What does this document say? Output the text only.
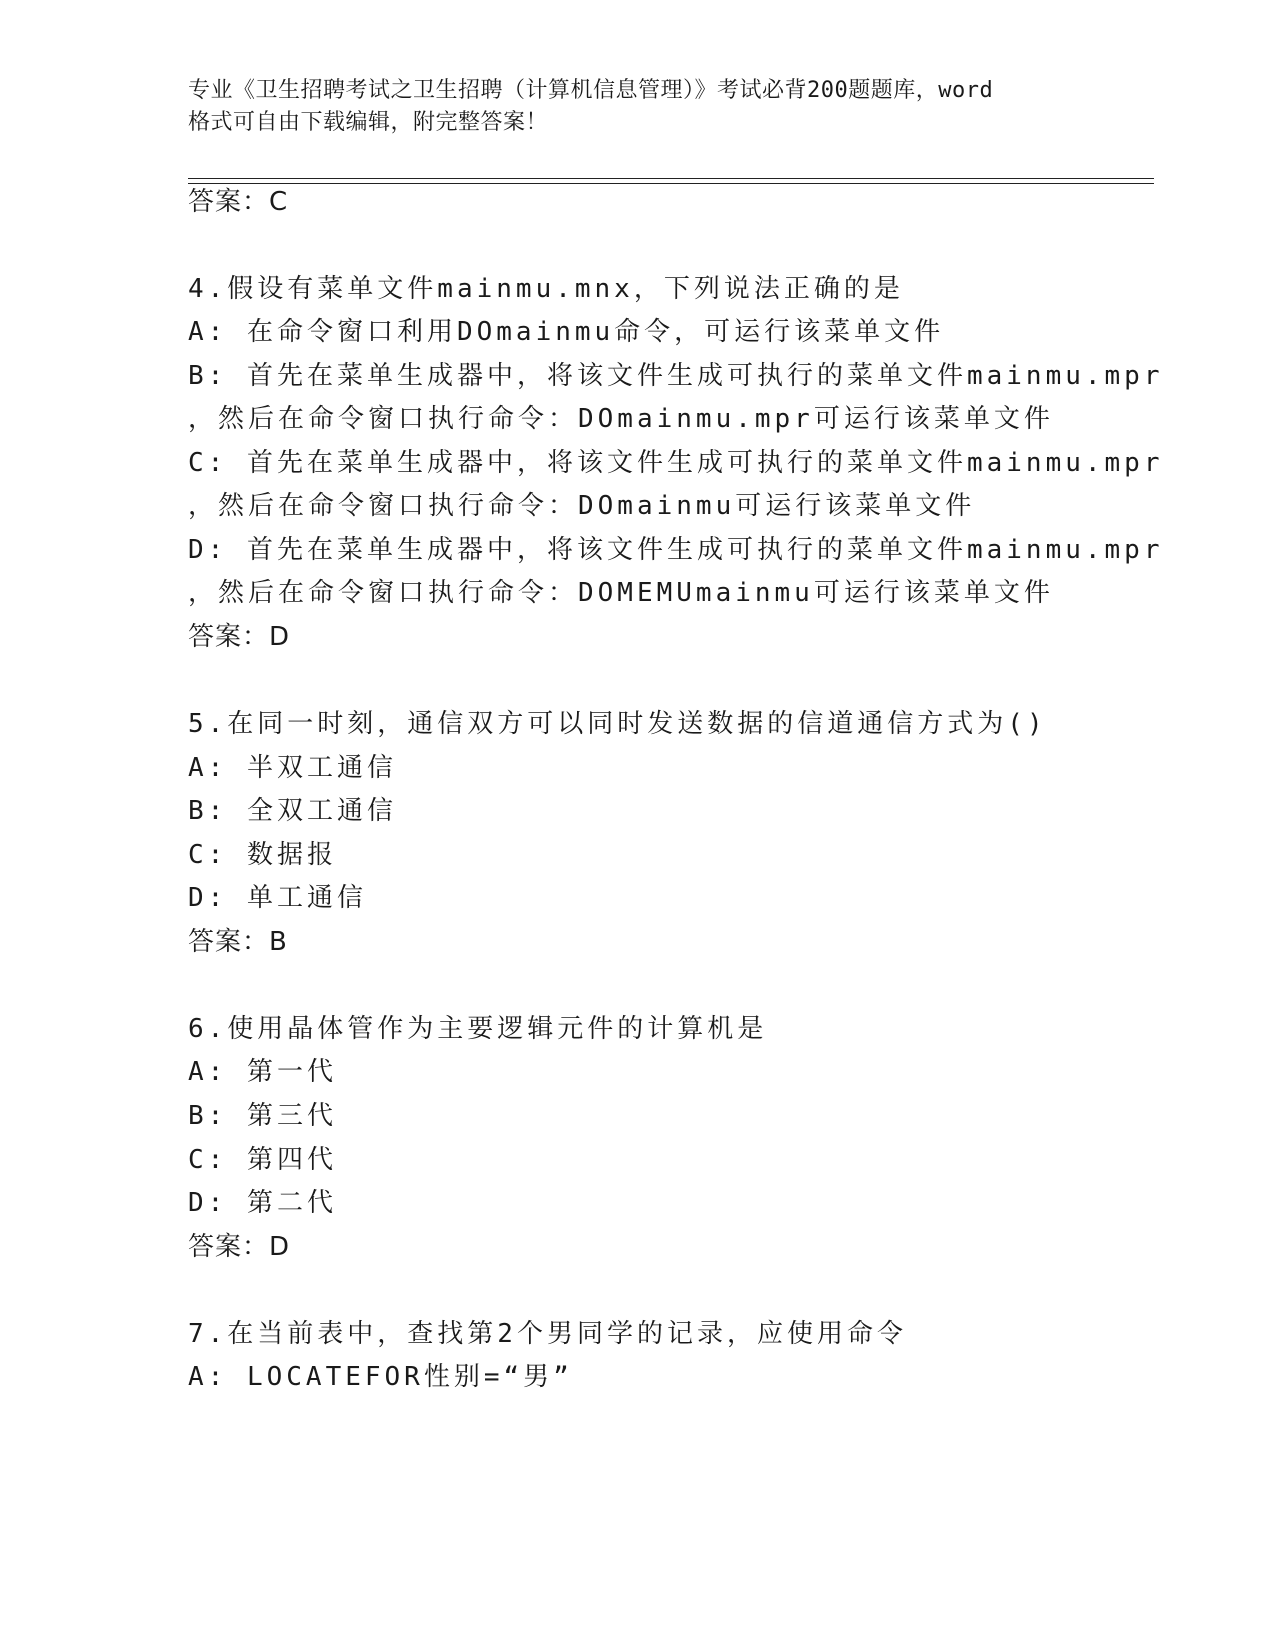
专业《卫生招聘考试之卫生招聘（计算机信息管理）》考试必背200题题库，word
格式可自由下载编辑，附完整答案！
答案：C
4.假设有菜单文件mainmu.mnx，下列说法正确的是
A: 在命令窗口利用DOmainmu命令，可运行该菜单文件
B: 首先在菜单生成器中，将该文件生成可执行的菜单文件mainmu.mpr
，然后在命令窗口执行命令：DOmainmu.mpr可运行该菜单文件
C: 首先在菜单生成器中，将该文件生成可执行的菜单文件mainmu.mpr
，然后在命令窗口执行命令：DOmainmu可运行该菜单文件
D: 首先在菜单生成器中，将该文件生成可执行的菜单文件mainmu.mpr
，然后在命令窗口执行命令：DOMEMUmainmu可运行该菜单文件
答案：D
5.在同一时刻，通信双方可以同时发送数据的信道通信方式为()
A: 半双工通信
B: 全双工通信
C: 数据报
D: 单工通信
答案：B
6.使用晶体管作为主要逻辑元件的计算机是
A: 第一代
B: 第三代
C: 第四代
D: 第二代
答案：D
7.在当前表中，查找第2个男同学的记录，应使用命令
A: LOCATEFOR性别=“男”
